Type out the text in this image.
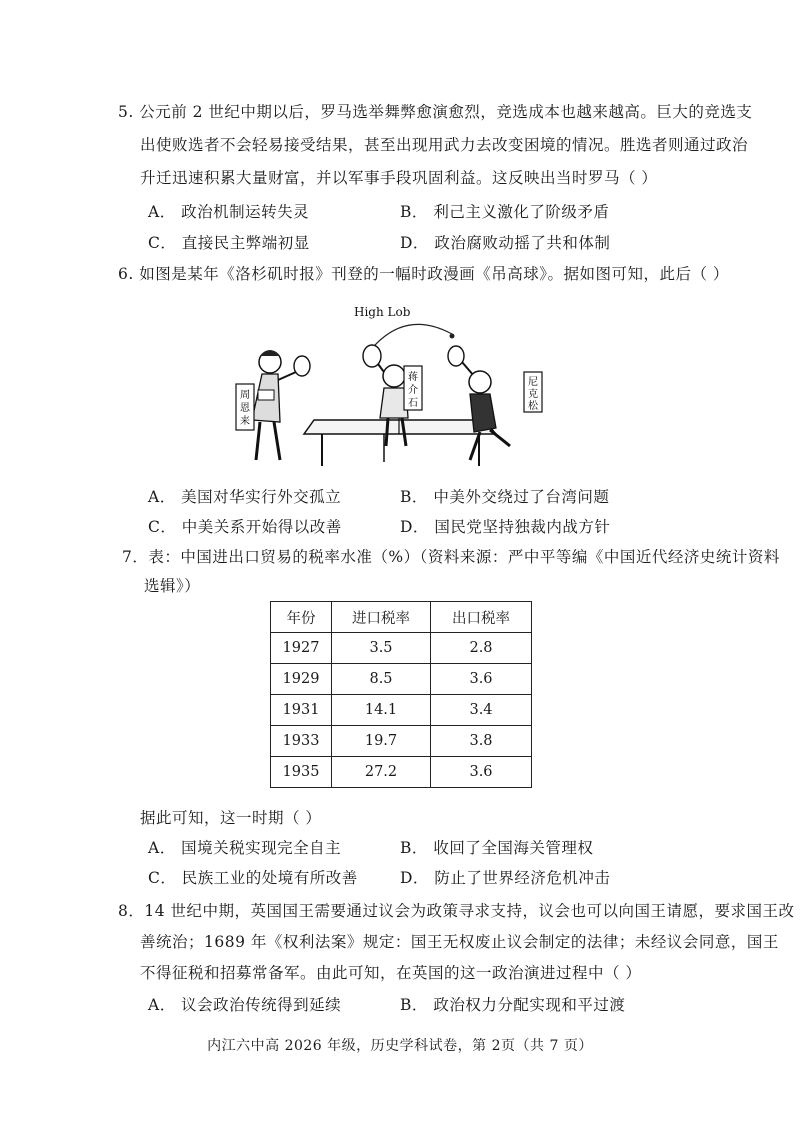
5. 公元前 2 世纪中期以后，罗马选举舞弊愈演愈烈，竞选成本也越来越高。巨大的竞选支
出使败选者不会轻易接受结果，甚至出现用武力去改变困境的情况。胜选者则通过政治
升迁迅速积累大量财富，并以军事手段巩固利益。这反映出当时罗马（ ）
A． 政治机制运转失灵	B． 利己主义激化了阶级矛盾
C． 直接民主弊端初显	D． 政治腐败动摇了共和体制
6. 如图是某年《洛杉矶时报》刊登的一幅时政漫画《吊高球》。据如图可知，此后（ ）
High Lob
周
恩
来
蒋
介
石
尼
克
松
A． 美国对华实行外交孤立	B． 中美外交绕过了台湾问题
C． 中美关系开始得以改善	D． 国民党坚持独裁内战方针
7．表：中国进出口贸易的税率水准（%）（资料来源：严中平等编《中国近代经济史统计资料
选辑》）
年份	进口税率	出口税率
1927	3.5	2.8
1929	8.5	3.6
1931	14.1	3.4
1933	19.7	3.8
1935	27.2	3.6
据此可知，这一时期（ ）
A． 国境关税实现完全自主	B． 收回了全国海关管理权
C． 民族工业的处境有所改善	D． 防止了世界经济危机冲击
8．14 世纪中期，英国国王需要通过议会为政策寻求支持，议会也可以向国王请愿，要求国王改
善统治；1689 年《权利法案》规定：国王无权废止议会制定的法律；未经议会同意，国王
不得征税和招募常备军。由此可知，在英国的这一政治演进过程中（ ）
A． 议会政治传统得到延续	B． 政治权力分配实现和平过渡
内江六中高 2026 年级，历史学科试卷，第 2页（共 7 页）
